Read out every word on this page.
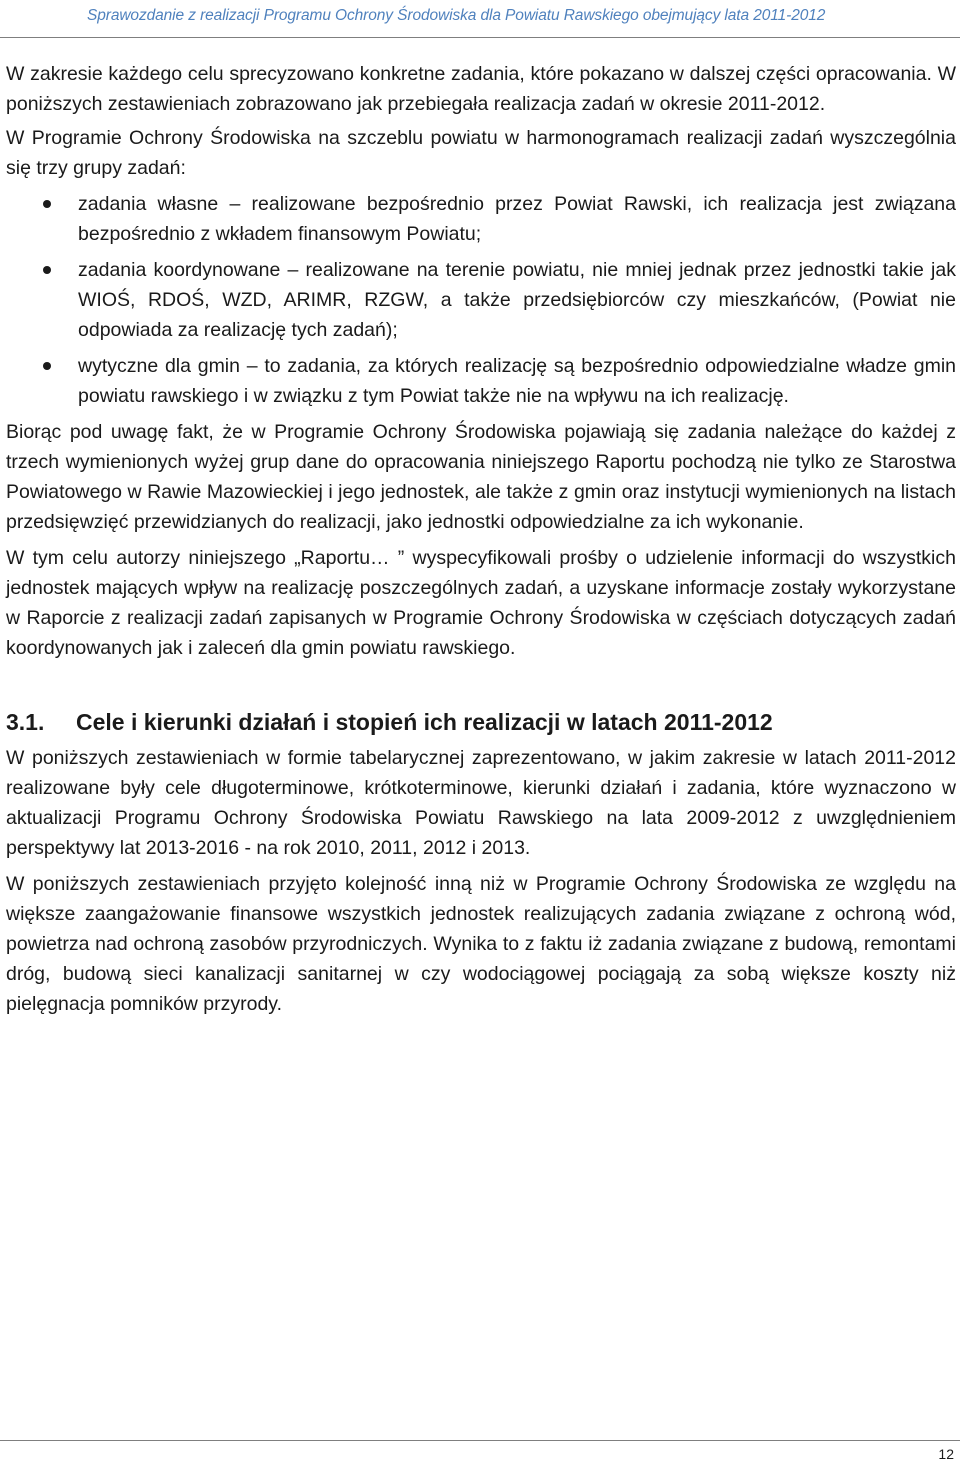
Sprawozdanie z realizacji Programu Ochrony Środowiska dla Powiatu Rawskiego obejmujący lata 2011-2012

W zakresie każdego celu sprecyzowano konkretne zadania, które pokazano w dalszej części opracowania. W poniższych zestawieniach zobrazowano jak przebiegała realizacja zadań w okresie 2011-2012.

W Programie Ochrony Środowiska na szczeblu powiatu w harmonogramach realizacji zadań wyszczególnia się trzy grupy zadań:

zadania własne – realizowane bezpośrednio przez Powiat Rawski, ich realizacja jest związana bezpośrednio z wkładem finansowym Powiatu;
zadania koordynowane – realizowane na terenie powiatu, nie mniej jednak przez jednostki takie jak WIOŚ, RDOŚ, WZD, ARIMR, RZGW, a także przedsiębiorców czy mieszkańców, (Powiat nie odpowiada za realizację tych zadań);
wytyczne dla gmin – to zadania, za których realizację są bezpośrednio odpowiedzialne władze gmin powiatu rawskiego i w związku z tym Powiat także nie na wpływu na ich realizację.

Biorąc pod uwagę fakt, że w Programie Ochrony Środowiska pojawiają się zadania należące do każdej z trzech wymienionych wyżej grup dane do opracowania niniejszego Raportu pochodzą nie tylko ze Starostwa Powiatowego w Rawie Mazowieckiej i jego jednostek, ale także z gmin oraz instytucji wymienionych na listach przedsięwzięć przewidzianych do realizacji, jako jednostki odpowiedzialne za ich wykonanie.

W tym celu autorzy niniejszego „Raportu… ” wyspecyfikowali prośby o udzielenie informacji do wszystkich jednostek mających wpływ na realizację poszczególnych zadań, a uzyskane informacje zostały wykorzystane w Raporcie z realizacji zadań zapisanych w Programie Ochrony Środowiska w częściach dotyczących zadań koordynowanych jak i zaleceń dla gmin powiatu rawskiego.

3.1. Cele i kierunki działań i stopień ich realizacji w latach 2011-2012

W poniższych zestawieniach w formie tabelarycznej zaprezentowano, w jakim zakresie w latach 2011-2012 realizowane były cele długoterminowe, krótkoterminowe, kierunki działań i zadania, które wyznaczono w aktualizacji Programu Ochrony Środowiska Powiatu Rawskiego na lata 2009-2012 z uwzględnieniem perspektywy lat 2013-2016 - na rok 2010, 2011, 2012 i 2013.

W poniższych zestawieniach przyjęto kolejność inną niż w Programie Ochrony Środowiska ze względu na większe zaangażowanie finansowe wszystkich jednostek realizujących zadania związane z ochroną wód, powietrza nad ochroną zasobów przyrodniczych. Wynika to z faktu iż zadania związane z budową, remontami dróg, budową sieci kanalizacji sanitarnej w czy wodociągowej pociągają za sobą większe koszty niż pielęgnacja pomników przyrody.

12
